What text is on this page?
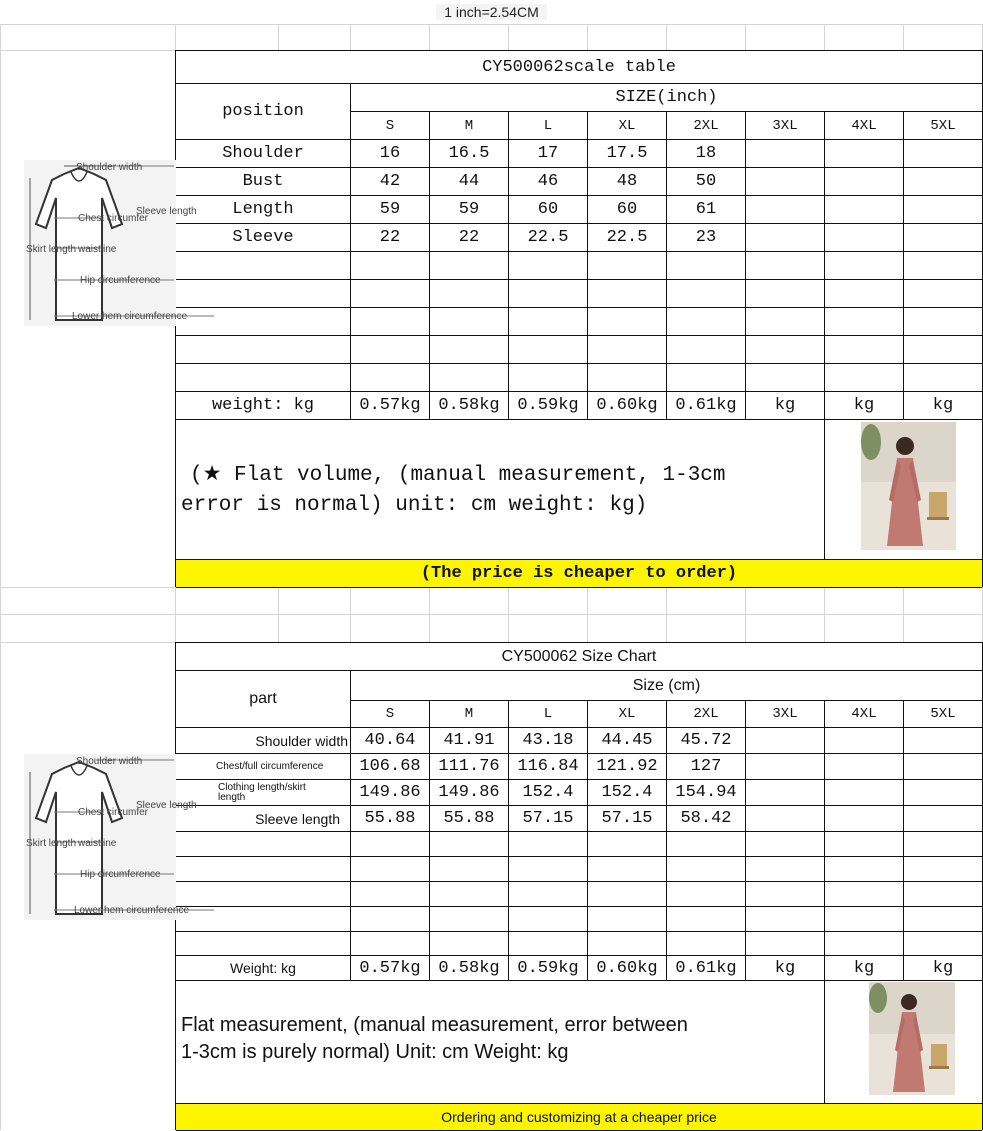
1 inch=2.54CM
CY500062scale table
position
SIZE(inch)
S	M	L	XL	2XL	3XL	4XL	5XL
Shoulder	16	16.5	17	17.5	18
Bust	42	44	46	48	50
Length	59	59	60	60	61
Sleeve	22	22	22.5	22.5	23
weight: kg	0.57kg	0.58kg	0.59kg	0.60kg	0.61kg	kg	kg	kg
(★ Flat volume, (manual measurement, 1-3cm
error is normal) unit: cm weight: kg)
(The price is cheaper to order)
Shoulder width
Chest circumfer
Sleeve length
waistline
Skirt length
Hip circumference
Lower hem circumference
CY500062 Size Chart
part
Size (cm)
S	M	L	XL	2XL	3XL	4XL	5XL
Shoulder width 40.64	41.91	43.18	44.45	45.72
Chest/full circumference	106.68	111.76	116.84	121.92	127
Clothing length/skirt length	149.86	149.86	152.4	152.4	154.94
Sleeve length	55.88	55.88	57.15	57.15	58.42
Weight: kg	0.57kg	0.58kg	0.59kg	0.60kg	0.61kg	kg	kg	kg
Flat measurement, (manual measurement, error between
1-3cm is purely normal) Unit: cm Weight: kg
Ordering and customizing at a cheaper price
Shoulder width
Chest circumfer
Sleeve length
waistline
Skirt length
Hip circumference
Lower hem circumference
